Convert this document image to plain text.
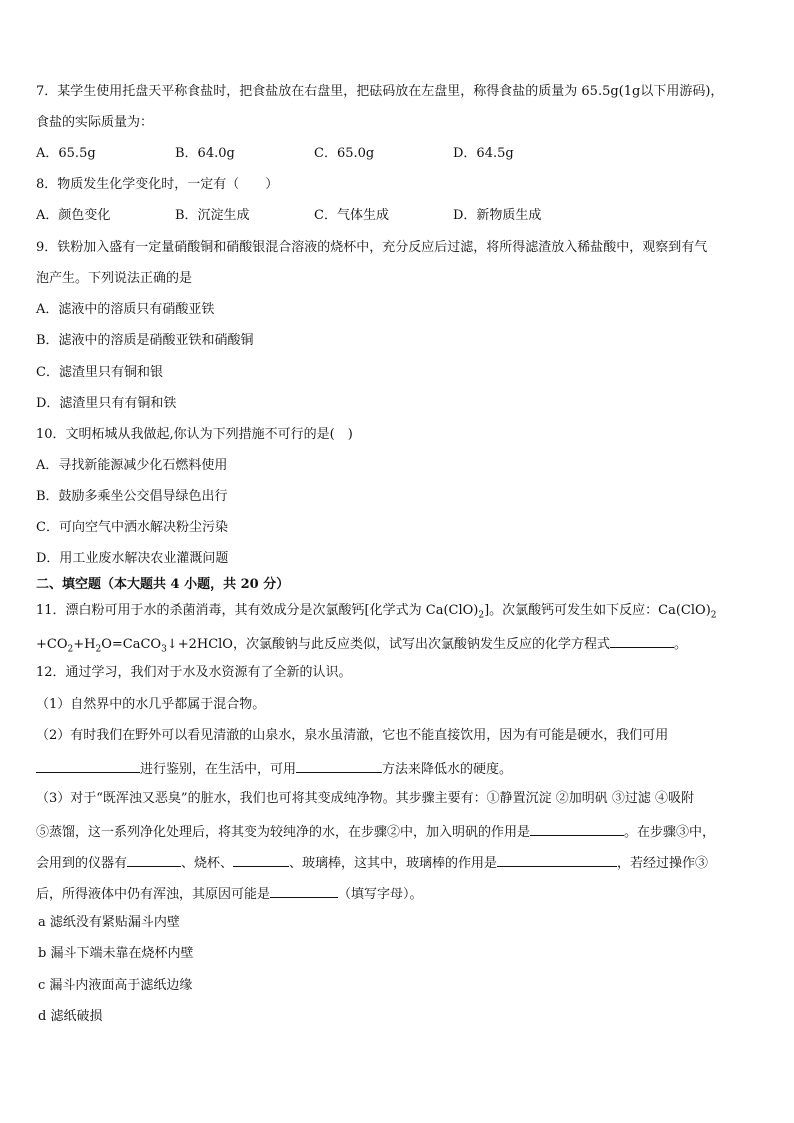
7．某学生使用托盘天平称食盐时，把食盐放在右盘里，把砝码放在左盘里，称得食盐的质量为 65.5g(1g以下用游码)，
食盐的实际质量为：
A．65.5g	B．64.0g	C．65.0g	D．64.5g
8．物质发生化学变化时，一定有（　　）
A．颜色变化	B．沉淀生成	C．气体生成	D．新物质生成
9．铁粉加入盛有一定量硝酸铜和硝酸银混合溶液的烧杯中，充分反应后过滤，将所得滤渣放入稀盐酸中，观察到有气
泡产生。下列说法正确的是
A．滤液中的溶质只有硝酸亚铁
B．滤液中的溶质是硝酸亚铁和硝酸铜
C．滤渣里只有铜和银
D．滤渣里只有有铜和铁
10．文明柘城从我做起,你认为下列措施不可行的是(　)
A．寻找新能源减少化石燃料使用
B．鼓励多乘坐公交倡导绿色出行
C．可向空气中洒水解决粉尘污染
D．用工业废水解决农业灌溉问题
二、填空题（本大题共 4 小题，共 20 分）
11．漂白粉可用于水的杀菌消毒，其有效成分是次氯酸钙[化学式为 $Ca(ClO)_2$]。次氯酸钙可发生如下反应：$Ca(ClO)_2$
$+CO_2+H_2O=CaCO_3↓+2HClO$，次氯酸钠与此反应类似，试写出次氯酸钠发生反应的化学方程式	。
12．通过学习，我们对于水及水资源有了全新的认识。
（1）自然界中的水几乎都属于混合物。
（2）有时我们在野外可以看见清澈的山泉水，泉水虽清澈，它也不能直接饮用，因为有可能是硬水，我们可用
进行鉴别，在生活中，可用	方法来降低水的硬度。
（3）对于“既浑浊又恶臭”的脏水，我们也可将其变成纯净物。其步骤主要有：①静置沉淀 ②加明矾 ③过滤 ④吸附
⑤蒸馏，这一系列净化处理后，将其变为较纯净的水，在步骤②中，加入明矾的作用是	。在步骤③中，
会用到的仪器有	、烧杯、	、玻璃棒，这其中，玻璃棒的作用是	，若经过操作③
后，所得液体中仍有浑浊，其原因可能是	（填写字母）。
a 滤纸没有紧贴漏斗内壁
b 漏斗下端未靠在烧杯内壁
c 漏斗内液面高于滤纸边缘
d 滤纸破损
